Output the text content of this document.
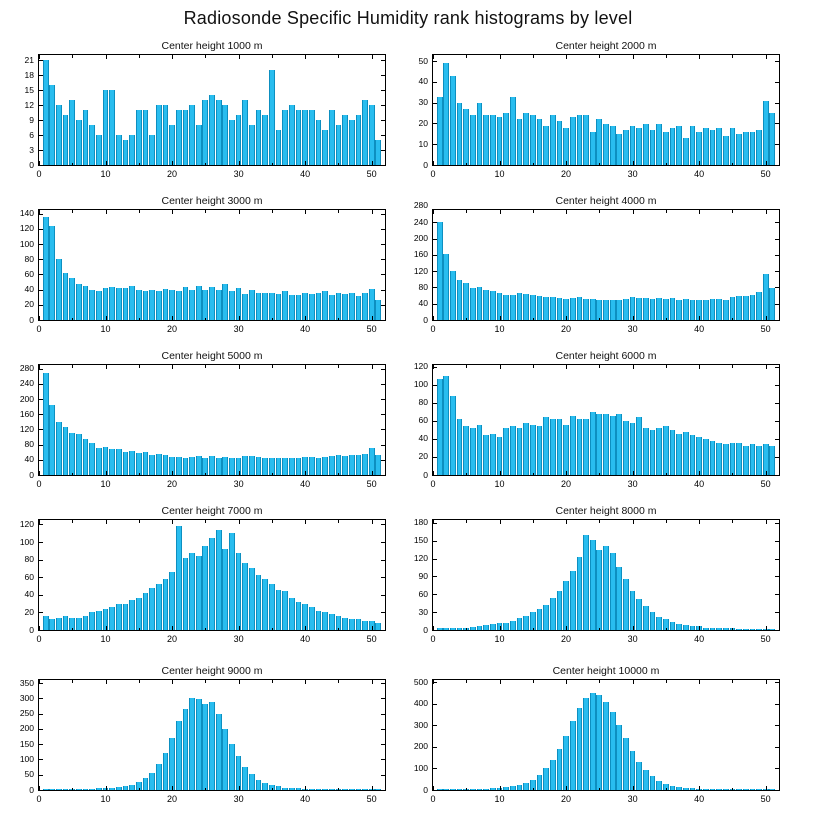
Radiosonde Specific Humidity rank histograms by level
Center height 1000 m
0
3
6
9
12
15
18
21
0	10	20	30	40	50
Center height 2000 m
0
10
20
30
40
50
0	10	20	30	40	50
Center height 3000 m
0
20
40
60
80
100
120
140
0	10	20	30	40	50
Center height 4000 m
0
40
80
120
160
200
240
280
0	10	20	30	40	50
Center height 5000 m
0
40
80
120
160
200
240
280
0	10	20	30	40	50
Center height 6000 m
0
20
40
60
80
100
120
0	10	20	30	40	50
Center height 7000 m
0
20
40
60
80
100
120
0	10	20	30	40	50
Center height 8000 m
0
30
60
90
120
150
180
0	10	20	30	40	50
Center height 9000 m
0
50
100
150
200
250
300
350
0	10	20	30	40	50
Center height 10000 m
0
100
200
300
400
500
0	10	20	30	40	50
